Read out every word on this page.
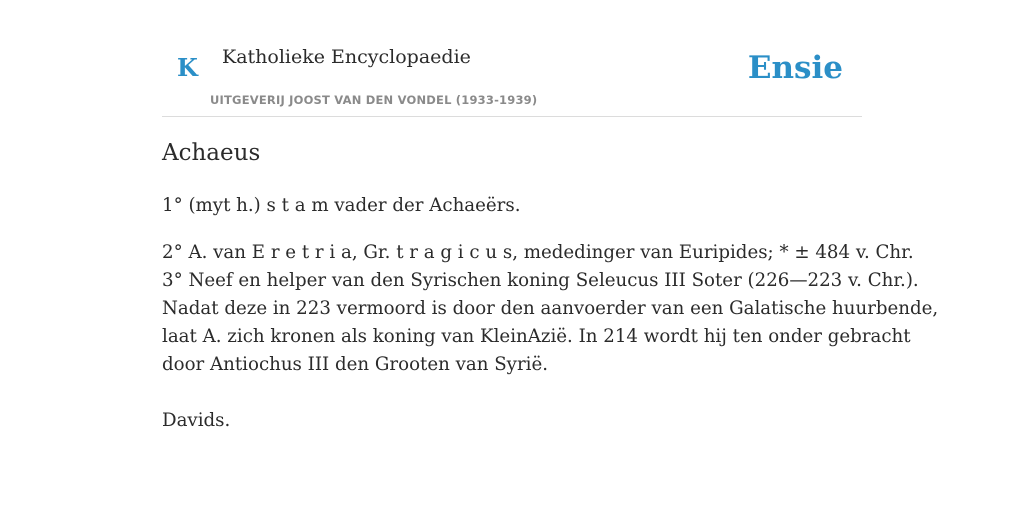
K Katholieke Encyclopaedie
UITGEVERIJ JOOST VAN DEN VONDEL (1933-1939)
Ensie
Achaeus

1° (myt h.) s t a m vader der Achaeërs.

2° A. van E r e t r i a, Gr. t r a g i c u s, mededinger van Euripides; * ± 484 v. Chr.
3° Neef en helper van den Syrischen koning Seleucus III Soter (226—223 v. Chr.).
Nadat deze in 223 vermoord is door den aanvoerder van een Galatische huurbende,
laat A. zich kronen als koning van KleinAzië. In 214 wordt hij ten onder gebracht
door Antiochus III den Grooten van Syrië.

Davids.
